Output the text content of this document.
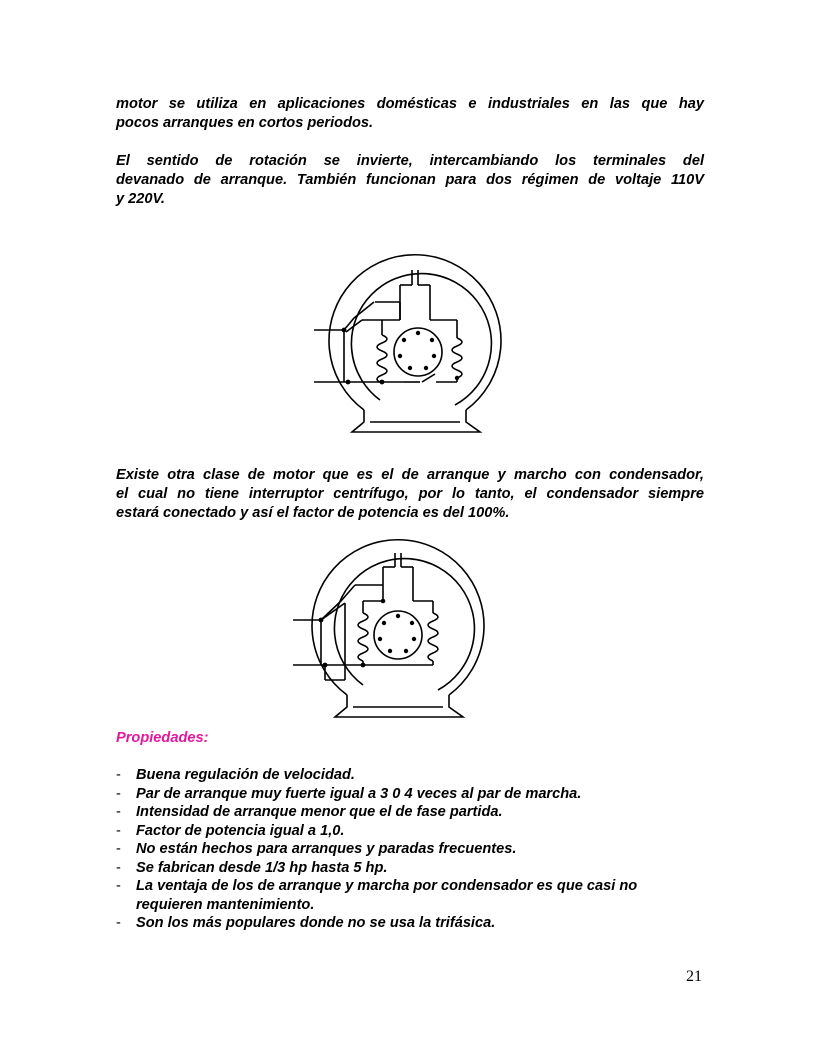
motor se utiliza en aplicaciones domésticas e industriales en las que hay
pocos arranques en cortos periodos.
El sentido de rotación se invierte, intercambiando los terminales del
devanado de arranque. También funcionan para dos régimen de voltaje 110V
y 220V.
Existe otra clase de motor que es el de arranque y marcho con condensador,
el cual no tiene interruptor centrífugo, por lo tanto, el condensador siempre
estará conectado y así el factor de potencia es del 100%.
Propiedades:
- Buena regulación de velocidad.
- Par de arranque muy fuerte igual a 3 0 4 veces al par de marcha.
- Intensidad de arranque menor que el de fase partida.
- Factor de potencia igual a 1,0.
- No están hechos para arranques y paradas frecuentes.
- Se fabrican desde 1/3 hp hasta 5 hp.
- La ventaja de los de arranque y marcha por condensador es que casi no
requieren mantenimiento.
- Son los más populares donde no se usa la trifásica.
21
